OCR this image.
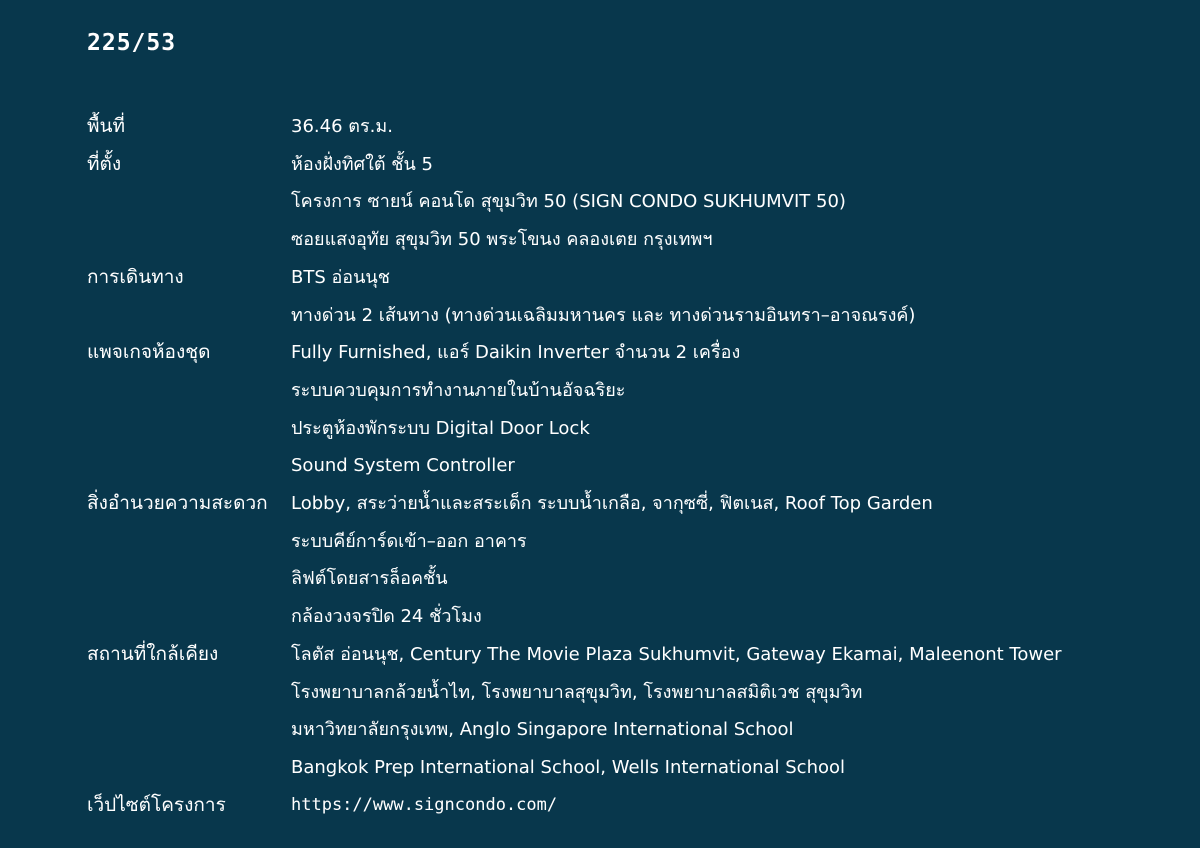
225/53
พื้นที่	36.46 ตร.ม.
ที่ตั้ง	ห้องฝั่งทิศใต้ ชั้น 5
โครงการ ซายน์ คอนโด สุขุมวิท 50 (SIGN CONDO SUKHUMVIT 50)
ซอยแสงอุทัย สุขุมวิท 50 พระโขนง คลองเตย กรุงเทพฯ
การเดินทาง	BTS อ่อนนุช
ทางด่วน 2 เส้นทาง (ทางด่วนเฉลิมมหานคร และ ทางด่วนรามอินทรา–อาจณรงค์)
แพจเกจห้องชุด	Fully Furnished, แอร์ Daikin Inverter จำนวน 2 เครื่อง
ระบบควบคุมการทำงานภายในบ้านอัจฉริยะ
ประตูห้องพักระบบ Digital Door Lock
Sound System Controller
สิ่งอำนวยความสะดวก	Lobby, สระว่ายน้ำและสระเด็ก ระบบน้ำเกลือ, จากุซซี่, ฟิตเนส, Roof Top Garden
ระบบคีย์การ์ดเข้า–ออก อาคาร
ลิฟต์โดยสารล็อคชั้น
กล้องวงจรปิด 24 ชั่วโมง
สถานที่ใกล้เคียง	โลตัส อ่อนนุช, Century The Movie Plaza Sukhumvit, Gateway Ekamai, Maleenont Tower
โรงพยาบาลกล้วยน้ำไท, โรงพยาบาลสุขุมวิท, โรงพยาบาลสมิติเวช สุขุมวิท
มหาวิทยาลัยกรุงเทพ, Anglo Singapore International School
Bangkok Prep International School, Wells International School
เว็ปไซต์โครงการ	https://www.signcondo.com/
